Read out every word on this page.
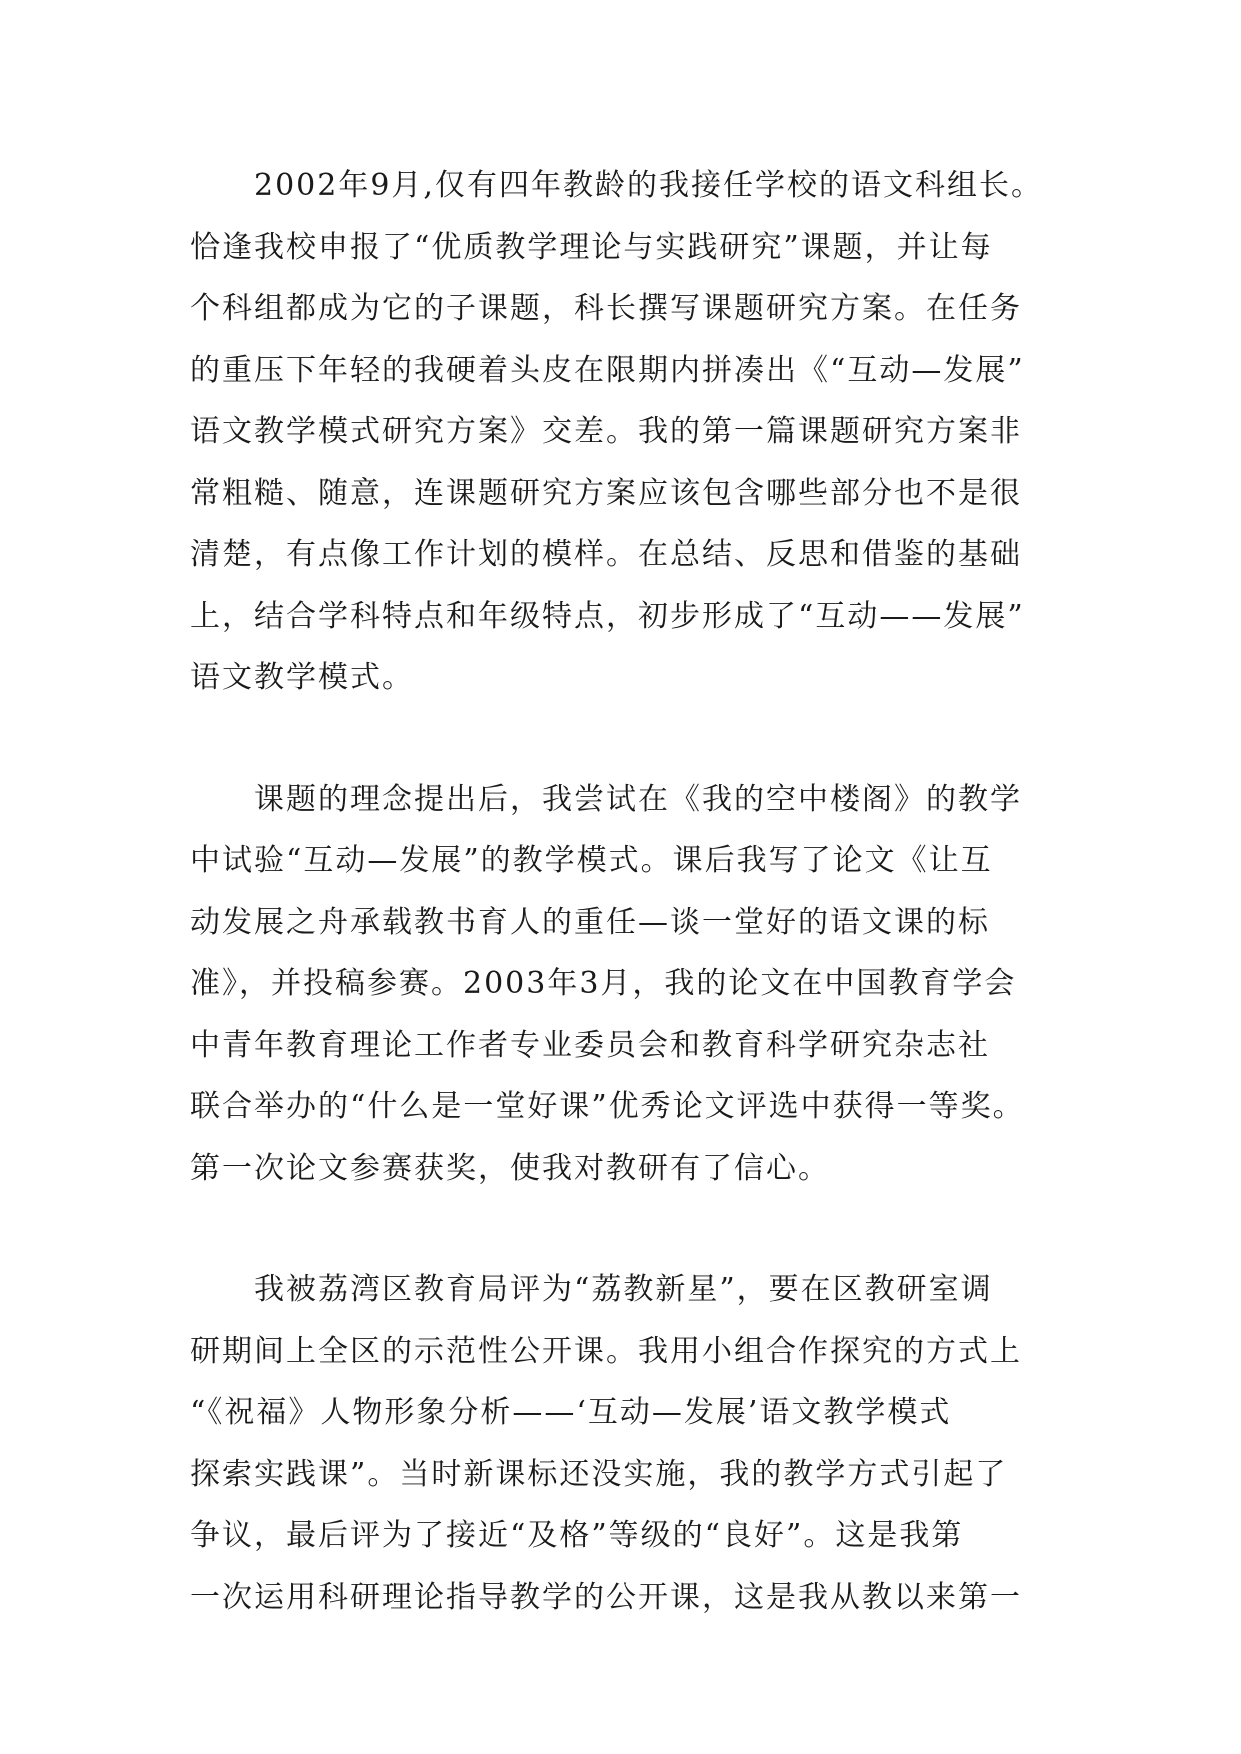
2002年9月,仅有四年教龄的我接任学校的语文科组长。
恰逢我校申报了“优质教学理论与实践研究”课题，并让每
个科组都成为它的子课题，科长撰写课题研究方案。在任务
的重压下年轻的我硬着头皮在限期内拼凑出《“互动—发展”
语文教学模式研究方案》交差。我的第一篇课题研究方案非
常粗糙、随意，连课题研究方案应该包含哪些部分也不是很
清楚，有点像工作计划的模样。在总结、反思和借鉴的基础
上，结合学科特点和年级特点，初步形成了“互动——发展”
语文教学模式。

课题的理念提出后，我尝试在《我的空中楼阁》的教学
中试验“互动—发展”的教学模式。课后我写了论文《让互
动发展之舟承载教书育人的重任—谈一堂好的语文课的标
准》，并投稿参赛。2003年3月，我的论文在中国教育学会
中青年教育理论工作者专业委员会和教育科学研究杂志社
联合举办的“什么是一堂好课”优秀论文评选中获得一等奖。
第一次论文参赛获奖，使我对教研有了信心。

我被荔湾区教育局评为“荔教新星”，要在区教研室调
研期间上全区的示范性公开课。我用小组合作探究的方式上
“《祝福》人物形象分析——‘互动—发展’语文教学模式
探索实践课”。当时新课标还没实施，我的教学方式引起了
争议，最后评为了接近“及格”等级的“良好”。这是我第
一次运用科研理论指导教学的公开课，这是我从教以来第一
